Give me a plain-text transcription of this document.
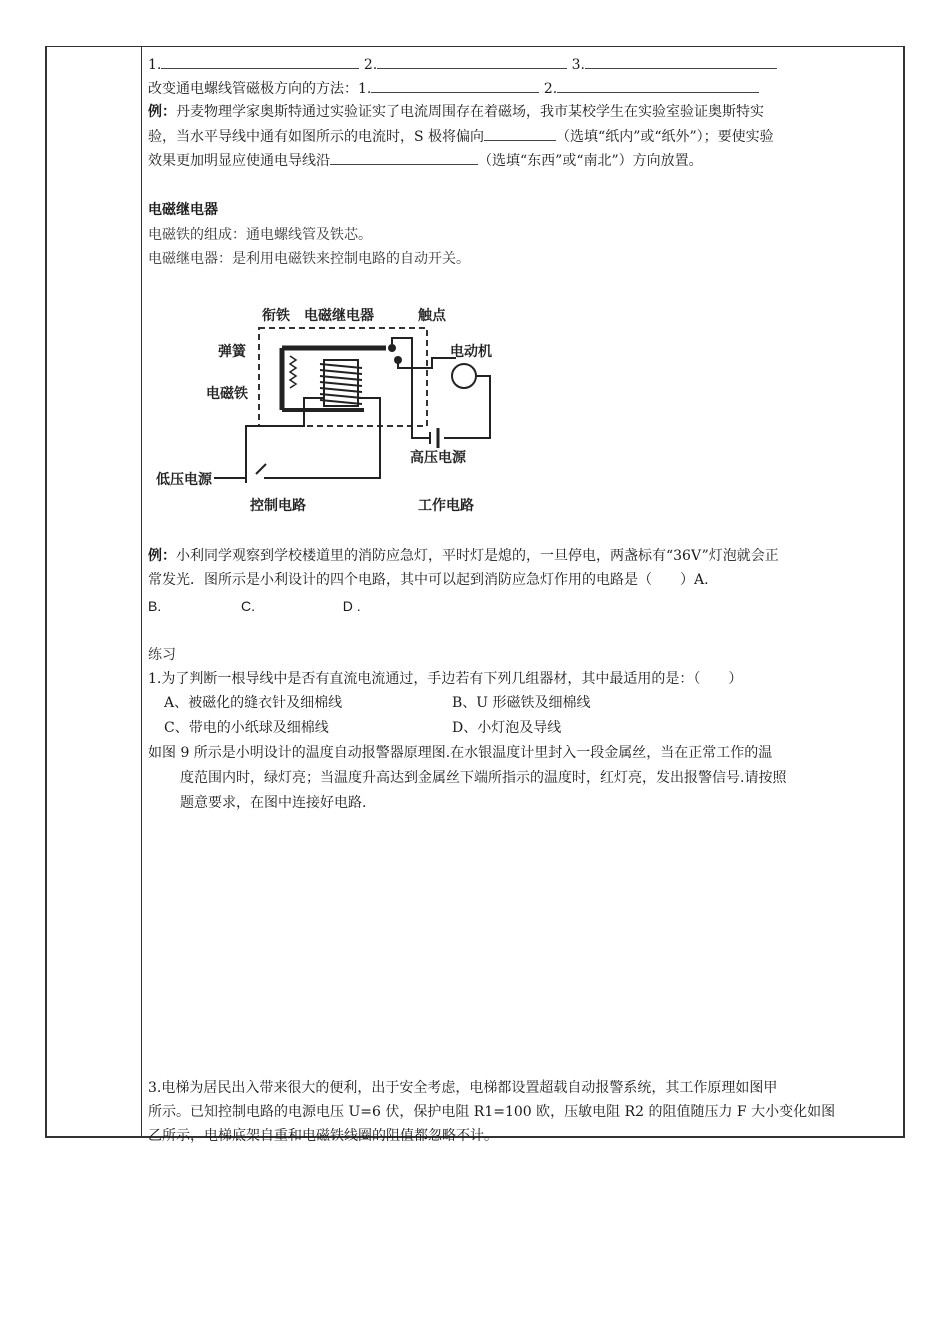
1.	2.	3.
改变通电螺线管磁极方向的方法：1.	2.
例：丹麦物理学家奥斯特通过实验证实了电流周围存在着磁场，我市某校学生在实验室验证奥斯特实
验，当水平导线中通有如图所示的电流时，S 极将偏向	（选填“纸内”或“纸外”）；要使实验
效果更加明显应使通电导线沿	（选填“东西”或“南北”）方向放置。
电磁继电器
电磁铁的组成：通电螺线管及铁芯。
电磁继电器：是利用电磁铁来控制电路的自动开关。
衔铁 电磁继电器	触点
弹簧	电动机
电磁铁
高压电源
低压电源
控制电路	工作电路
例：小利同学观察到学校楼道里的消防应急灯，平时灯是熄的，一旦停电，两盏标有“36V”灯泡就会正
常发光．图所示是小利设计的四个电路，其中可以起到消防应急灯作用的电路是（　　）A.
B.	C.	D .
练习
1.为了判断一根导线中是否有直流电流通过，手边若有下列几组器材，其中最适用的是：（　　）
A、被磁化的缝衣针及细棉线	B、U 形磁铁及细棉线
C、带电的小纸球及细棉线	D、小灯泡及导线
如图 9 所示是小明设计的温度自动报警器原理图.在水银温度计里封入一段金属丝，当在正常工作的温
度范围内时，绿灯亮；当温度升高达到金属丝下端所指示的温度时，红灯亮，发出报警信号.请按照
题意要求，在图中连接好电路.
3.电梯为居民出入带来很大的便利，出于安全考虑，电梯都设置超载自动报警系统，其工作原理如图甲
所示。已知控制电路的电源电压 U=6 伏，保护电阻 R1=100 欧，压敏电阻 R2 的阻值随压力 F 大小变化如图
乙所示，电梯底架自重和电磁铁线圈的阻值都忽略不计。
